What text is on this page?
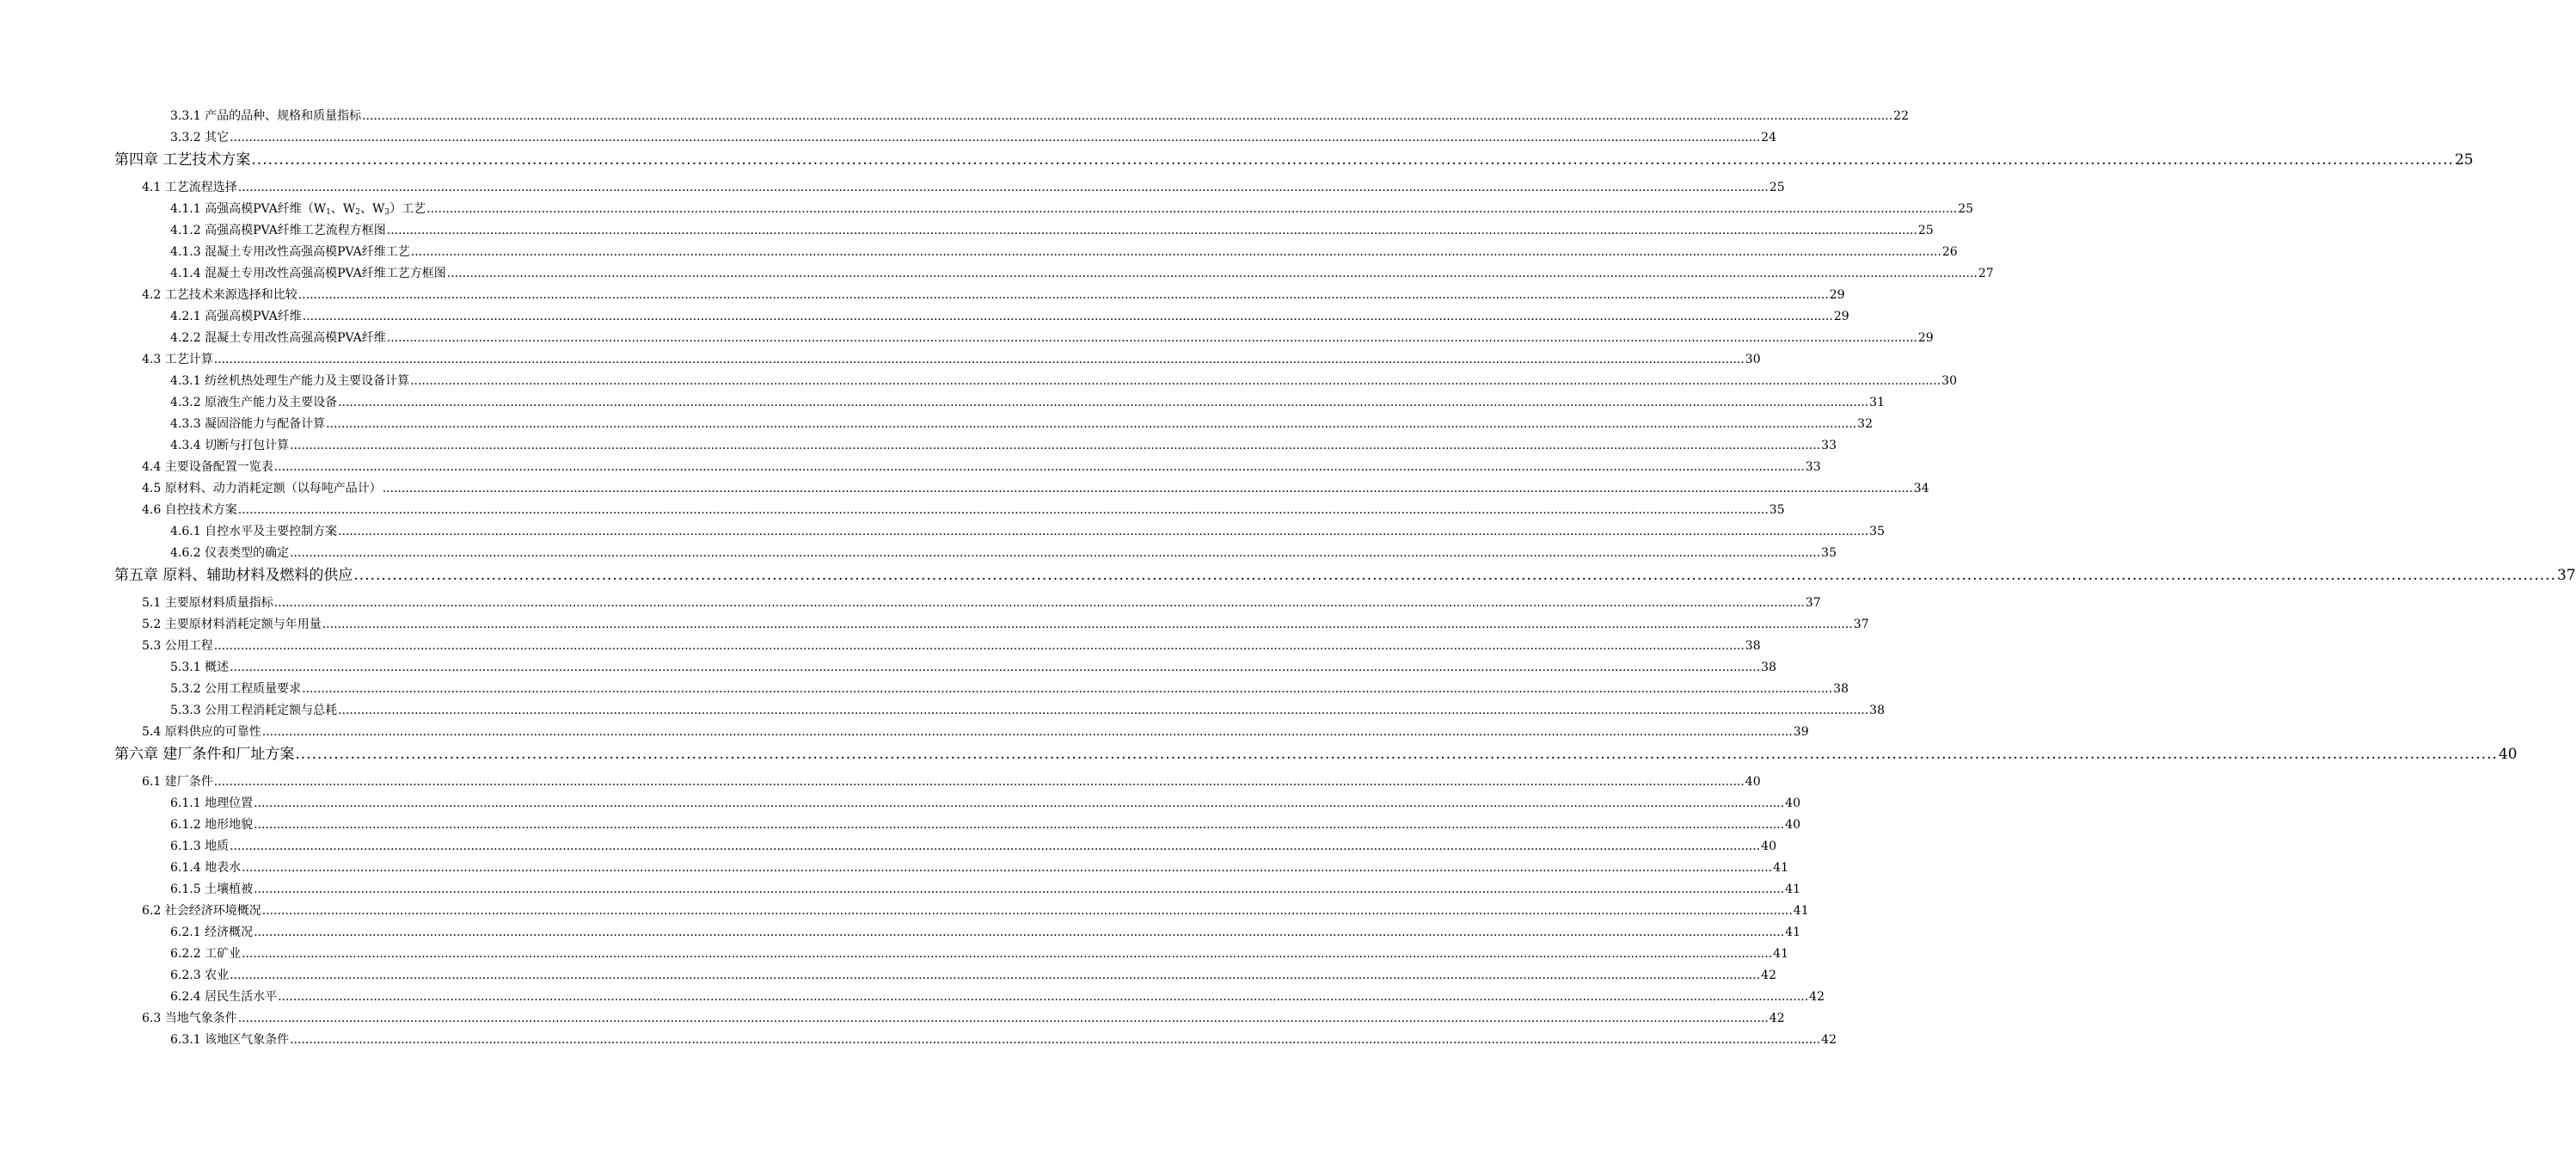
3.3.1 产品的品种、规格和质量指标 ................................................................................................................................................................................................................................................................................................................................................................................................................ 22
3.3.2 其它 ................................................................................................................................................................................................................................................................................................................................................................................................................ 24
第四章 工艺技术方案 ................................................................................................................................................................................................................................................................................................................................................................................................................ 25
4.1 工艺流程选择 ................................................................................................................................................................................................................................................................................................................................................................................................................ 25
4.1.1 高强高模PVA纤维（$W_1$、$W_2$、$W_3$）工艺 ................................................................................................................................................................................................................................................................................................................................................................................................................ 25
4.1.2 高强高模PVA纤维工艺流程方框图 ................................................................................................................................................................................................................................................................................................................................................................................................................ 25
4.1.3 混凝土专用改性高强高模PVA纤维工艺 ................................................................................................................................................................................................................................................................................................................................................................................................................ 26
4.1.4 混凝土专用改性高强高模PVA纤维工艺方框图 ................................................................................................................................................................................................................................................................................................................................................................................................................ 27
4.2 工艺技术来源选择和比较 ................................................................................................................................................................................................................................................................................................................................................................................................................ 29
4.2.1 高强高模PVA纤维 ................................................................................................................................................................................................................................................................................................................................................................................................................ 29
4.2.2 混凝土专用改性高强高模PVA纤维 ................................................................................................................................................................................................................................................................................................................................................................................................................ 29
4.3 工艺计算 ................................................................................................................................................................................................................................................................................................................................................................................................................ 30
4.3.1 纺丝机热处理生产能力及主要设备计算 ................................................................................................................................................................................................................................................................................................................................................................................................................ 30
4.3.2 原液生产能力及主要设备 ................................................................................................................................................................................................................................................................................................................................................................................................................ 31
4.3.3 凝固浴能力与配备计算 ................................................................................................................................................................................................................................................................................................................................................................................................................ 32
4.3.4 切断与打包计算 ................................................................................................................................................................................................................................................................................................................................................................................................................ 33
4.4 主要设备配置一览表 ................................................................................................................................................................................................................................................................................................................................................................................................................ 33
4.5 原材料、动力消耗定额（以每吨产品计） ................................................................................................................................................................................................................................................................................................................................................................................................................ 34
4.6 自控技术方案 ................................................................................................................................................................................................................................................................................................................................................................................................................ 35
4.6.1 自控水平及主要控制方案 ................................................................................................................................................................................................................................................................................................................................................................................................................ 35
4.6.2 仪表类型的确定 ................................................................................................................................................................................................................................................................................................................................................................................................................ 35
第五章 原料、辅助材料及燃料的供应 ................................................................................................................................................................................................................................................................................................................................................................................................................ 37
5.1 主要原材料质量指标 ................................................................................................................................................................................................................................................................................................................................................................................................................ 37
5.2 主要原材料消耗定额与年用量 ................................................................................................................................................................................................................................................................................................................................................................................................................ 37
5.3 公用工程 ................................................................................................................................................................................................................................................................................................................................................................................................................ 38
5.3.1 概述 ................................................................................................................................................................................................................................................................................................................................................................................................................ 38
5.3.2 公用工程质量要求 ................................................................................................................................................................................................................................................................................................................................................................................................................ 38
5.3.3 公用工程消耗定额与总耗 ................................................................................................................................................................................................................................................................................................................................................................................................................ 38
5.4 原料供应的可靠性 ................................................................................................................................................................................................................................................................................................................................................................................................................ 39
第六章 建厂条件和厂址方案 ................................................................................................................................................................................................................................................................................................................................................................................................................ 40
6.1 建厂条件 ................................................................................................................................................................................................................................................................................................................................................................................................................ 40
6.1.1 地理位置 ................................................................................................................................................................................................................................................................................................................................................................................................................ 40
6.1.2 地形地貌 ................................................................................................................................................................................................................................................................................................................................................................................................................ 40
6.1.3 地质 ................................................................................................................................................................................................................................................................................................................................................................................................................ 40
6.1.4 地表水 ................................................................................................................................................................................................................................................................................................................................................................................................................ 41
6.1.5 土壤植被 ................................................................................................................................................................................................................................................................................................................................................................................................................ 41
6.2 社会经济环境概况 ................................................................................................................................................................................................................................................................................................................................................................................................................ 41
6.2.1 经济概况 ................................................................................................................................................................................................................................................................................................................................................................................................................ 41
6.2.2 工矿业 ................................................................................................................................................................................................................................................................................................................................................................................................................ 41
6.2.3 农业 ................................................................................................................................................................................................................................................................................................................................................................................................................ 42
6.2.4 居民生活水平 ................................................................................................................................................................................................................................................................................................................................................................................................................ 42
6.3 当地气象条件 ................................................................................................................................................................................................................................................................................................................................................................................................................ 42
6.3.1 该地区气象条件 ................................................................................................................................................................................................................................................................................................................................................................................................................ 42
